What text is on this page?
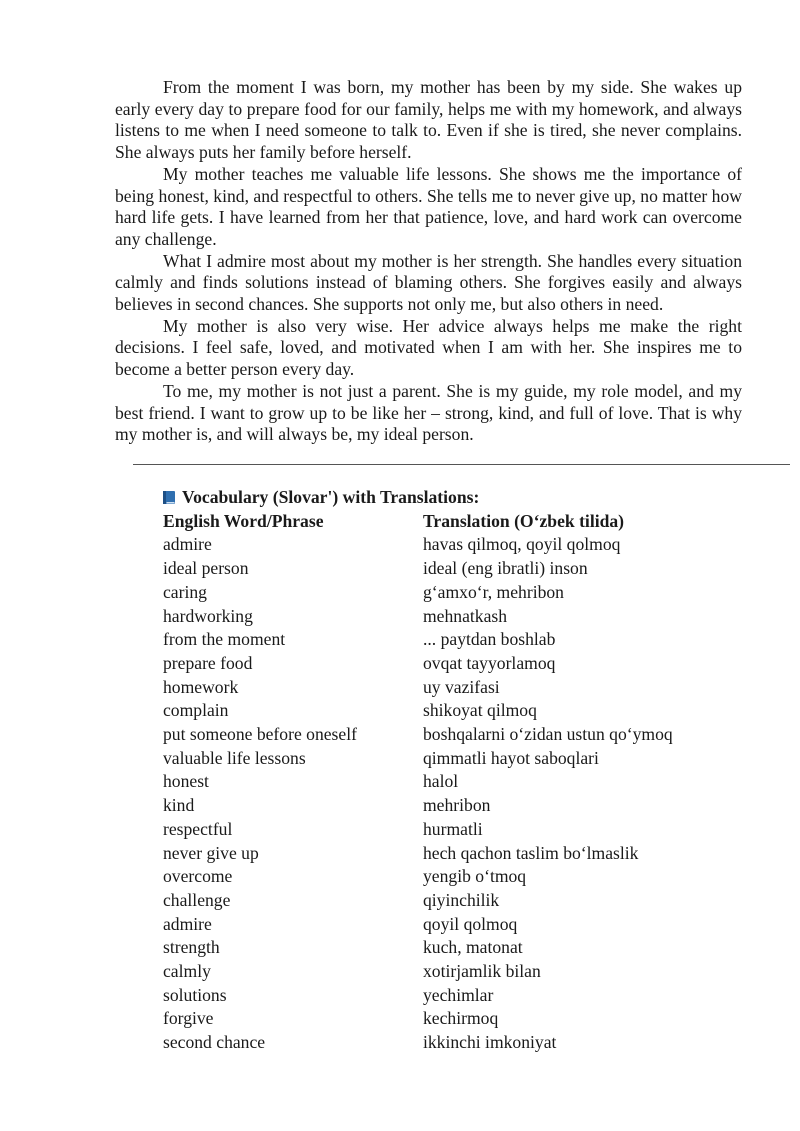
From the moment I was born, my mother has been by my side. She wakes up early every day to prepare food for our family, helps me with my homework, and always listens to me when I need someone to talk to. Even if she is tired, she never complains. She always puts her family before herself.

My mother teaches me valuable life lessons. She shows me the importance of being honest, kind, and respectful to others. She tells me to never give up, no matter how hard life gets. I have learned from her that patience, love, and hard work can overcome any challenge.

What I admire most about my mother is her strength. She handles every situation calmly and finds solutions instead of blaming others. She forgives easily and always believes in second chances. She supports not only me, but also others in need.

My mother is also very wise. Her advice always helps me make the right decisions. I feel safe, loved, and motivated when I am with her. She inspires me to become a better person every day.

To me, my mother is not just a parent. She is my guide, my role model, and my best friend. I want to grow up to be like her – strong, kind, and full of love. That is why my mother is, and will always be, my ideal person.

Vocabulary (Slovar') with Translations:
English Word/Phrase	Translation (O‘zbek tilida)
admire	havas qilmoq, qoyil qolmoq
ideal person	ideal (eng ibratli) inson
caring	g‘amxo‘r, mehribon
hardworking	mehnatkash
from the moment	... paytdan boshlab
prepare food	ovqat tayyorlamoq
homework	uy vazifasi
complain	shikoyat qilmoq
put someone before oneself	boshqalarni o‘zidan ustun qo‘ymoq
valuable life lessons	qimmatli hayot saboqlari
honest	halol
kind	mehribon
respectful	hurmatli
never give up	hech qachon taslim bo‘lmaslik
overcome	yengib o‘tmoq
challenge	qiyinchilik
admire	qoyil qolmoq
strength	kuch, matonat
calmly	xotirjamlik bilan
solutions	yechimlar
forgive	kechirmoq
second chance	ikkinchi imkoniyat
